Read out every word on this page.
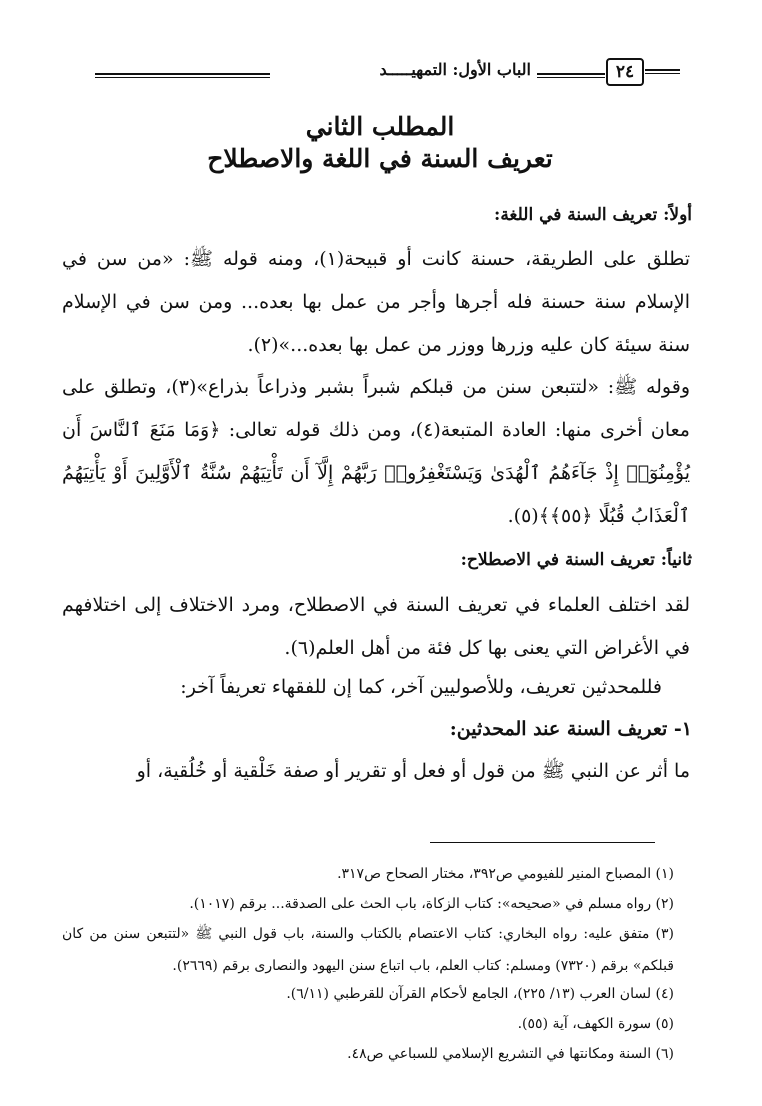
٢٤
الباب الأول: التمهيـــــد
المطلب الثاني
تعريف السنة في اللغة والاصطلاح
أولاً: تعريف السنة في اللغة:
تطلق على الطريقة، حسنة كانت أو قبيحة(١)، ومنه قوله ﷺ: «من سن في الإسلام سنة حسنة فله أجرها وأجر من عمل بها بعده... ومن سن في الإسلام سنة سيئة كان عليه وزرها ووزر من عمل بها بعده...»(٢).
وقوله ﷺ: «لتتبعن سنن من قبلكم شبراً بشبر وذراعاً بذراع»(٣)، وتطلق على معان أخرى منها: العادة المتبعة(٤)، ومن ذلك قوله تعالى: ﴿وَمَا مَنَعَ ٱلنَّاسَ أَن يُؤْمِنُوٓا۟ إِذْ جَآءَهُمُ ٱلْهُدَىٰ وَيَسْتَغْفِرُوا۟ رَبَّهُمْ إِلَّآ أَن تَأْتِيَهُمْ سُنَّةُ ٱلْأَوَّلِينَ أَوْ يَأْتِيَهُمُ ٱلْعَذَابُ قُبُلًا ﴿٥٥﴾﴾(٥).
ثانياً: تعريف السنة في الاصطلاح:
لقد اختلف العلماء في تعريف السنة في الاصطلاح، ومرد الاختلاف إلى اختلافهم في الأغراض التي يعنى بها كل فئة من أهل العلم(٦).
فللمحدثين تعريف، وللأصوليين آخر، كما إن للفقهاء تعريفاً آخر:
١- تعريف السنة عند المحدثين:
ما أثر عن النبي ﷺ من قول أو فعل أو تقرير أو صفة خَلْقية أو خُلُقية، أو
(١) المصباح المنير للفيومي ص٣٩٢، مختار الصحاح ص٣١٧.
(٢) رواه مسلم في «صحيحه»: كتاب الزكاة، باب الحث على الصدقة... برقم (١٠١٧).
(٣) متفق عليه: رواه البخاري: كتاب الاعتصام بالكتاب والسنة، باب قول النبي ﷺ «لتتبعن سنن من كان قبلكم» برقم (٧٣٢٠) ومسلم: كتاب العلم، باب اتباع سنن اليهود والنصارى برقم (٢٦٦٩).
(٤) لسان العرب (١٣/ ٢٢٥)، الجامع لأحكام القرآن للقرطبي (٦/١١).
(٥) سورة الكهف، آية (٥٥).
(٦) السنة ومكانتها في التشريع الإسلامي للسباعي ص٤٨.
